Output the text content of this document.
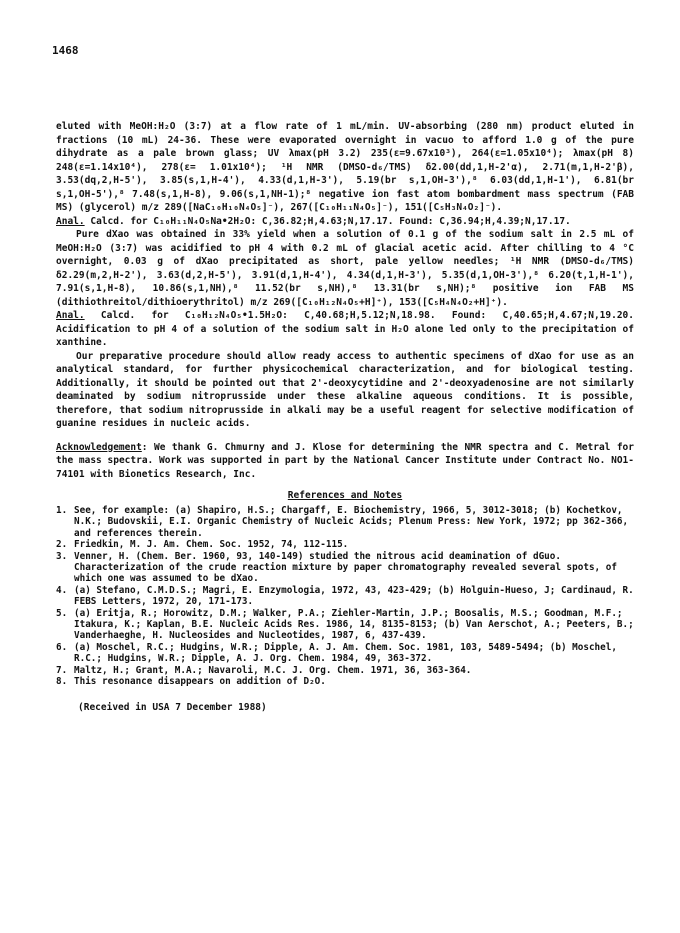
1468

eluted with MeOH:H₂O (3:7) at a flow rate of 1 mL/min. UV-absorbing (280 nm) product eluted in fractions (10 mL) 24-36. These were evaporated overnight in vacuo to afford 1.0 g of the pure dihydrate as a pale brown glass; UV λmax(pH 3.2) 235(ε=9.67x10³), 264(ε=1.05x10⁴); λmax(pH 8) 248(ε=1.14x10⁴), 278(ε= 1.01x10⁴); ¹H NMR (DMSO-d₆/TMS) δ2.00(dd,1,H-2'α), 2.71(m,1,H-2'β), 3.53(dq,2,H-5'), 3.85(s,1,H-4'), 4.33(d,1,H-3'), 5.19(br s,1,OH-3'),⁸ 6.03(dd,1,H-1'), 6.81(br s,1,OH-5'),⁸ 7.48(s,1,H-8), 9.06(s,1,NH-1);⁸ negative ion fast atom bombardment mass spectrum (FAB MS) (glycerol) m/z 289([NaC₁₀H₁₀N₄O₅]⁻), 267([C₁₀H₁₁N₄O₅]⁻), 151([C₅H₃N₄O₂]⁻).

Anal. Calcd. for C₁₀H₁₁N₄O₅Na•2H₂O: C,36.82;H,4.63;N,17.17. Found: C,36.94;H,4.39;N,17.17.

Pure dXao was obtained in 33% yield when a solution of 0.1 g of the sodium salt in 2.5 mL of MeOH:H₂O (3:7) was acidified to pH 4 with 0.2 mL of glacial acetic acid. After chilling to 4 °C overnight, 0.03 g of dXao precipitated as short, pale yellow needles; ¹H NMR (DMSO-d₆/TMS) δ2.29(m,2,H-2'), 3.63(d,2,H-5'), 3.91(d,1,H-4'), 4.34(d,1,H-3'), 5.35(d,1,OH-3'),⁸ 6.20(t,1,H-1'), 7.91(s,1,H-8), 10.86(s,1,NH),⁸ 11.52(br s,NH),⁸ 13.31(br s,NH);⁸ positive ion FAB MS (dithiothreitol/dithioerythritol) m/z 269([C₁₀H₁₂N₄O₅+H]⁺), 153([C₅H₄N₄O₂+H]⁺).

Anal. Calcd. for C₁₀H₁₂N₄O₅•1.5H₂O: C,40.68;H,5.12;N,18.98. Found: C,40.65;H,4.67;N,19.20. Acidification to pH 4 of a solution of the sodium salt in H₂O alone led only to the precipitation of xanthine.

Our preparative procedure should allow ready access to authentic specimens of dXao for use as an analytical standard, for further physicochemical characterization, and for biological testing. Additionally, it should be pointed out that 2'-deoxycytidine and 2'-deoxyadenosine are not similarly deaminated by sodium nitroprusside under these alkaline aqueous conditions. It is possible, therefore, that sodium nitroprusside in alkali may be a useful reagent for selective modification of guanine residues in nucleic acids.

Acknowledgement: We thank G. Chmurny and J. Klose for determining the NMR spectra and C. Metral for the mass spectra. Work was supported in part by the National Cancer Institute under Contract No. NO1-74101 with Bionetics Research, Inc.

References and Notes
1. See, for example: (a) Shapiro, H.S.; Chargaff, E. Biochemistry, 1966, 5, 3012-3018; (b) Kochetkov, N.K.; Budovskii, E.I. Organic Chemistry of Nucleic Acids; Plenum Press: New York, 1972; pp 362-366, and references therein.
2. Friedkin, M. J. Am. Chem. Soc. 1952, 74, 112-115.
3. Venner, H. (Chem. Ber. 1960, 93, 140-149) studied the nitrous acid deamination of dGuo. Characterization of the crude reaction mixture by paper chromatography revealed several spots, of which one was assumed to be dXao.
4. (a) Stefano, C.M.D.S.; Magri, E. Enzymologia, 1972, 43, 423-429; (b) Holguin-Hueso, J; Cardinaud, R. FEBS Letters, 1972, 20, 171-173.
5. (a) Eritja, R.; Horowitz, D.M.; Walker, P.A.; Ziehler-Martin, J.P.; Boosalis, M.S.; Goodman, M.F.; Itakura, K.; Kaplan, B.E. Nucleic Acids Res. 1986, 14, 8135-8153; (b) Van Aerschot, A.; Peeters, B.; Vanderhaeghe, H. Nucleosides and Nucleotides, 1987, 6, 437-439.
6. (a) Moschel, R.C.; Hudgins, W.R.; Dipple, A. J. Am. Chem. Soc. 1981, 103, 5489-5494; (b) Moschel, R.C.; Hudgins, W.R.; Dipple, A. J. Org. Chem. 1984, 49, 363-372.
7. Maltz, H.; Grant, M.A.; Navaroli, M.C. J. Org. Chem. 1971, 36, 363-364.
8. This resonance disappears on addition of D₂O.
(Received in USA 7 December 1988)
